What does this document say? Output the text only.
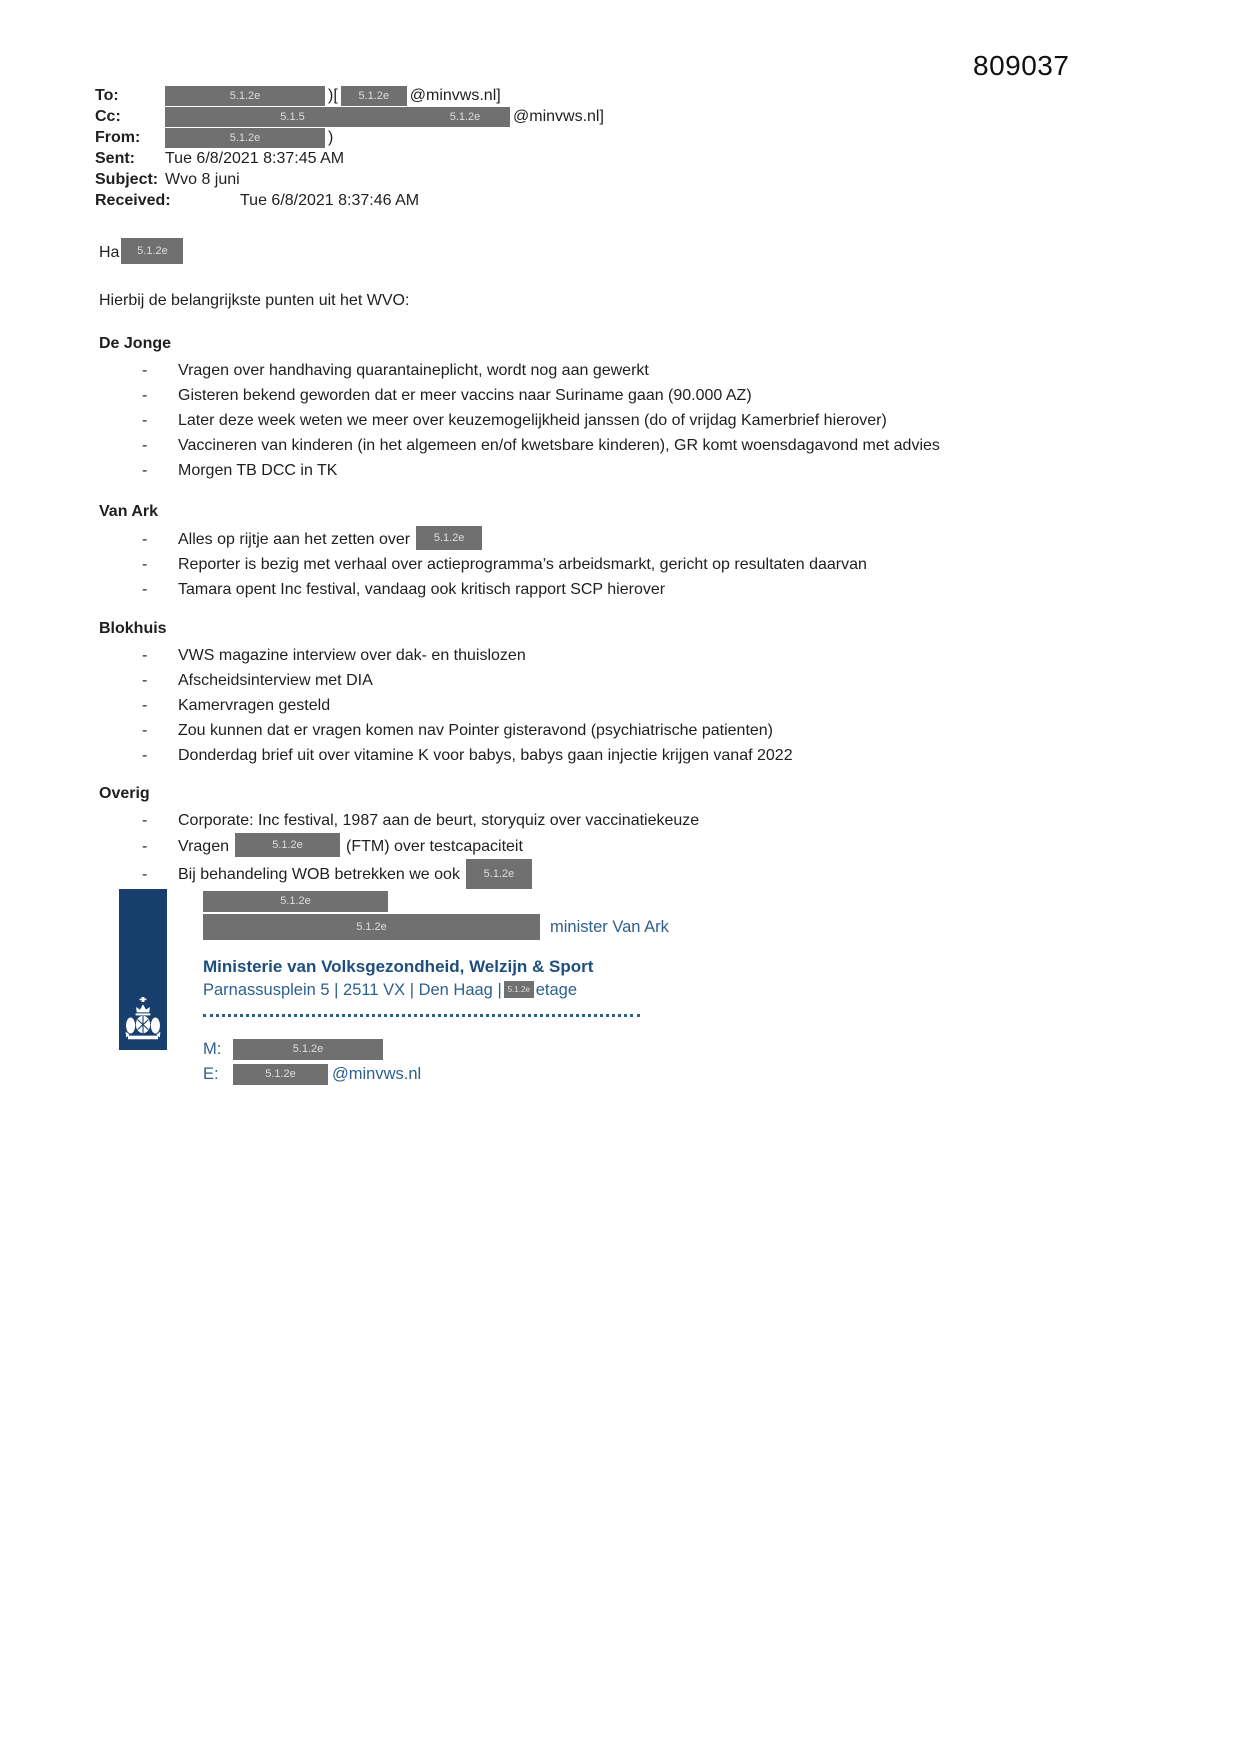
809037
To:	5.1.2e	)[	5.1.2e	@minvws.nl]
Cc:	5.1.5	5.1.2e	@minvws.nl]
From:	5.1.2e	)
Sent:	Tue 6/8/2021 8:37:45 AM
Subject: Wvo 8 juni
Received:	Tue 6/8/2021 8:37:46 AM
Ha 5.1.2e
Hierbij de belangrijkste punten uit het WVO:
De Jonge
- Vragen over handhaving quarantaineplicht, wordt nog aan gewerkt
- Gisteren bekend geworden dat er meer vaccins naar Suriname gaan (90.000 AZ)
- Later deze week weten we meer over keuzemogelijkheid janssen (do of vrijdag Kamerbrief hierover)
- Vaccineren van kinderen (in het algemeen en/of kwetsbare kinderen), GR komt woensdagavond met advies
- Morgen TB DCC in TK
Van Ark
- Alles op rijtje aan het zetten over 5.1.2e
- Reporter is bezig met verhaal over actieprogramma’s arbeidsmarkt, gericht op resultaten daarvan
- Tamara opent Inc festival, vandaag ook kritisch rapport SCP hierover
Blokhuis
- VWS magazine interview over dak- en thuislozen
- Afscheidsinterview met DIA
- Kamervragen gesteld
- Zou kunnen dat er vragen komen nav Pointer gisteravond (psychiatrische patienten)
- Donderdag brief uit over vitamine K voor babys, babys gaan injectie krijgen vanaf 2022
Overig
- Corporate: Inc festival, 1987 aan de beurt, storyquiz over vaccinatiekeuze
- Vragen	5.1.2e	(FTM) over testcapaciteit
- Bij behandeling WOB betrekken we ook 5.1.2e
5.1.2e
5.1.2e	minister Van Ark
Ministerie van Volksgezondheid, Welzijn & Sport
Parnassusplein 5 | 2511 VX | Den Haag | 5.1.2e etage
M:	5.1.2e
E:	5.1.2e	@minvws.nl
